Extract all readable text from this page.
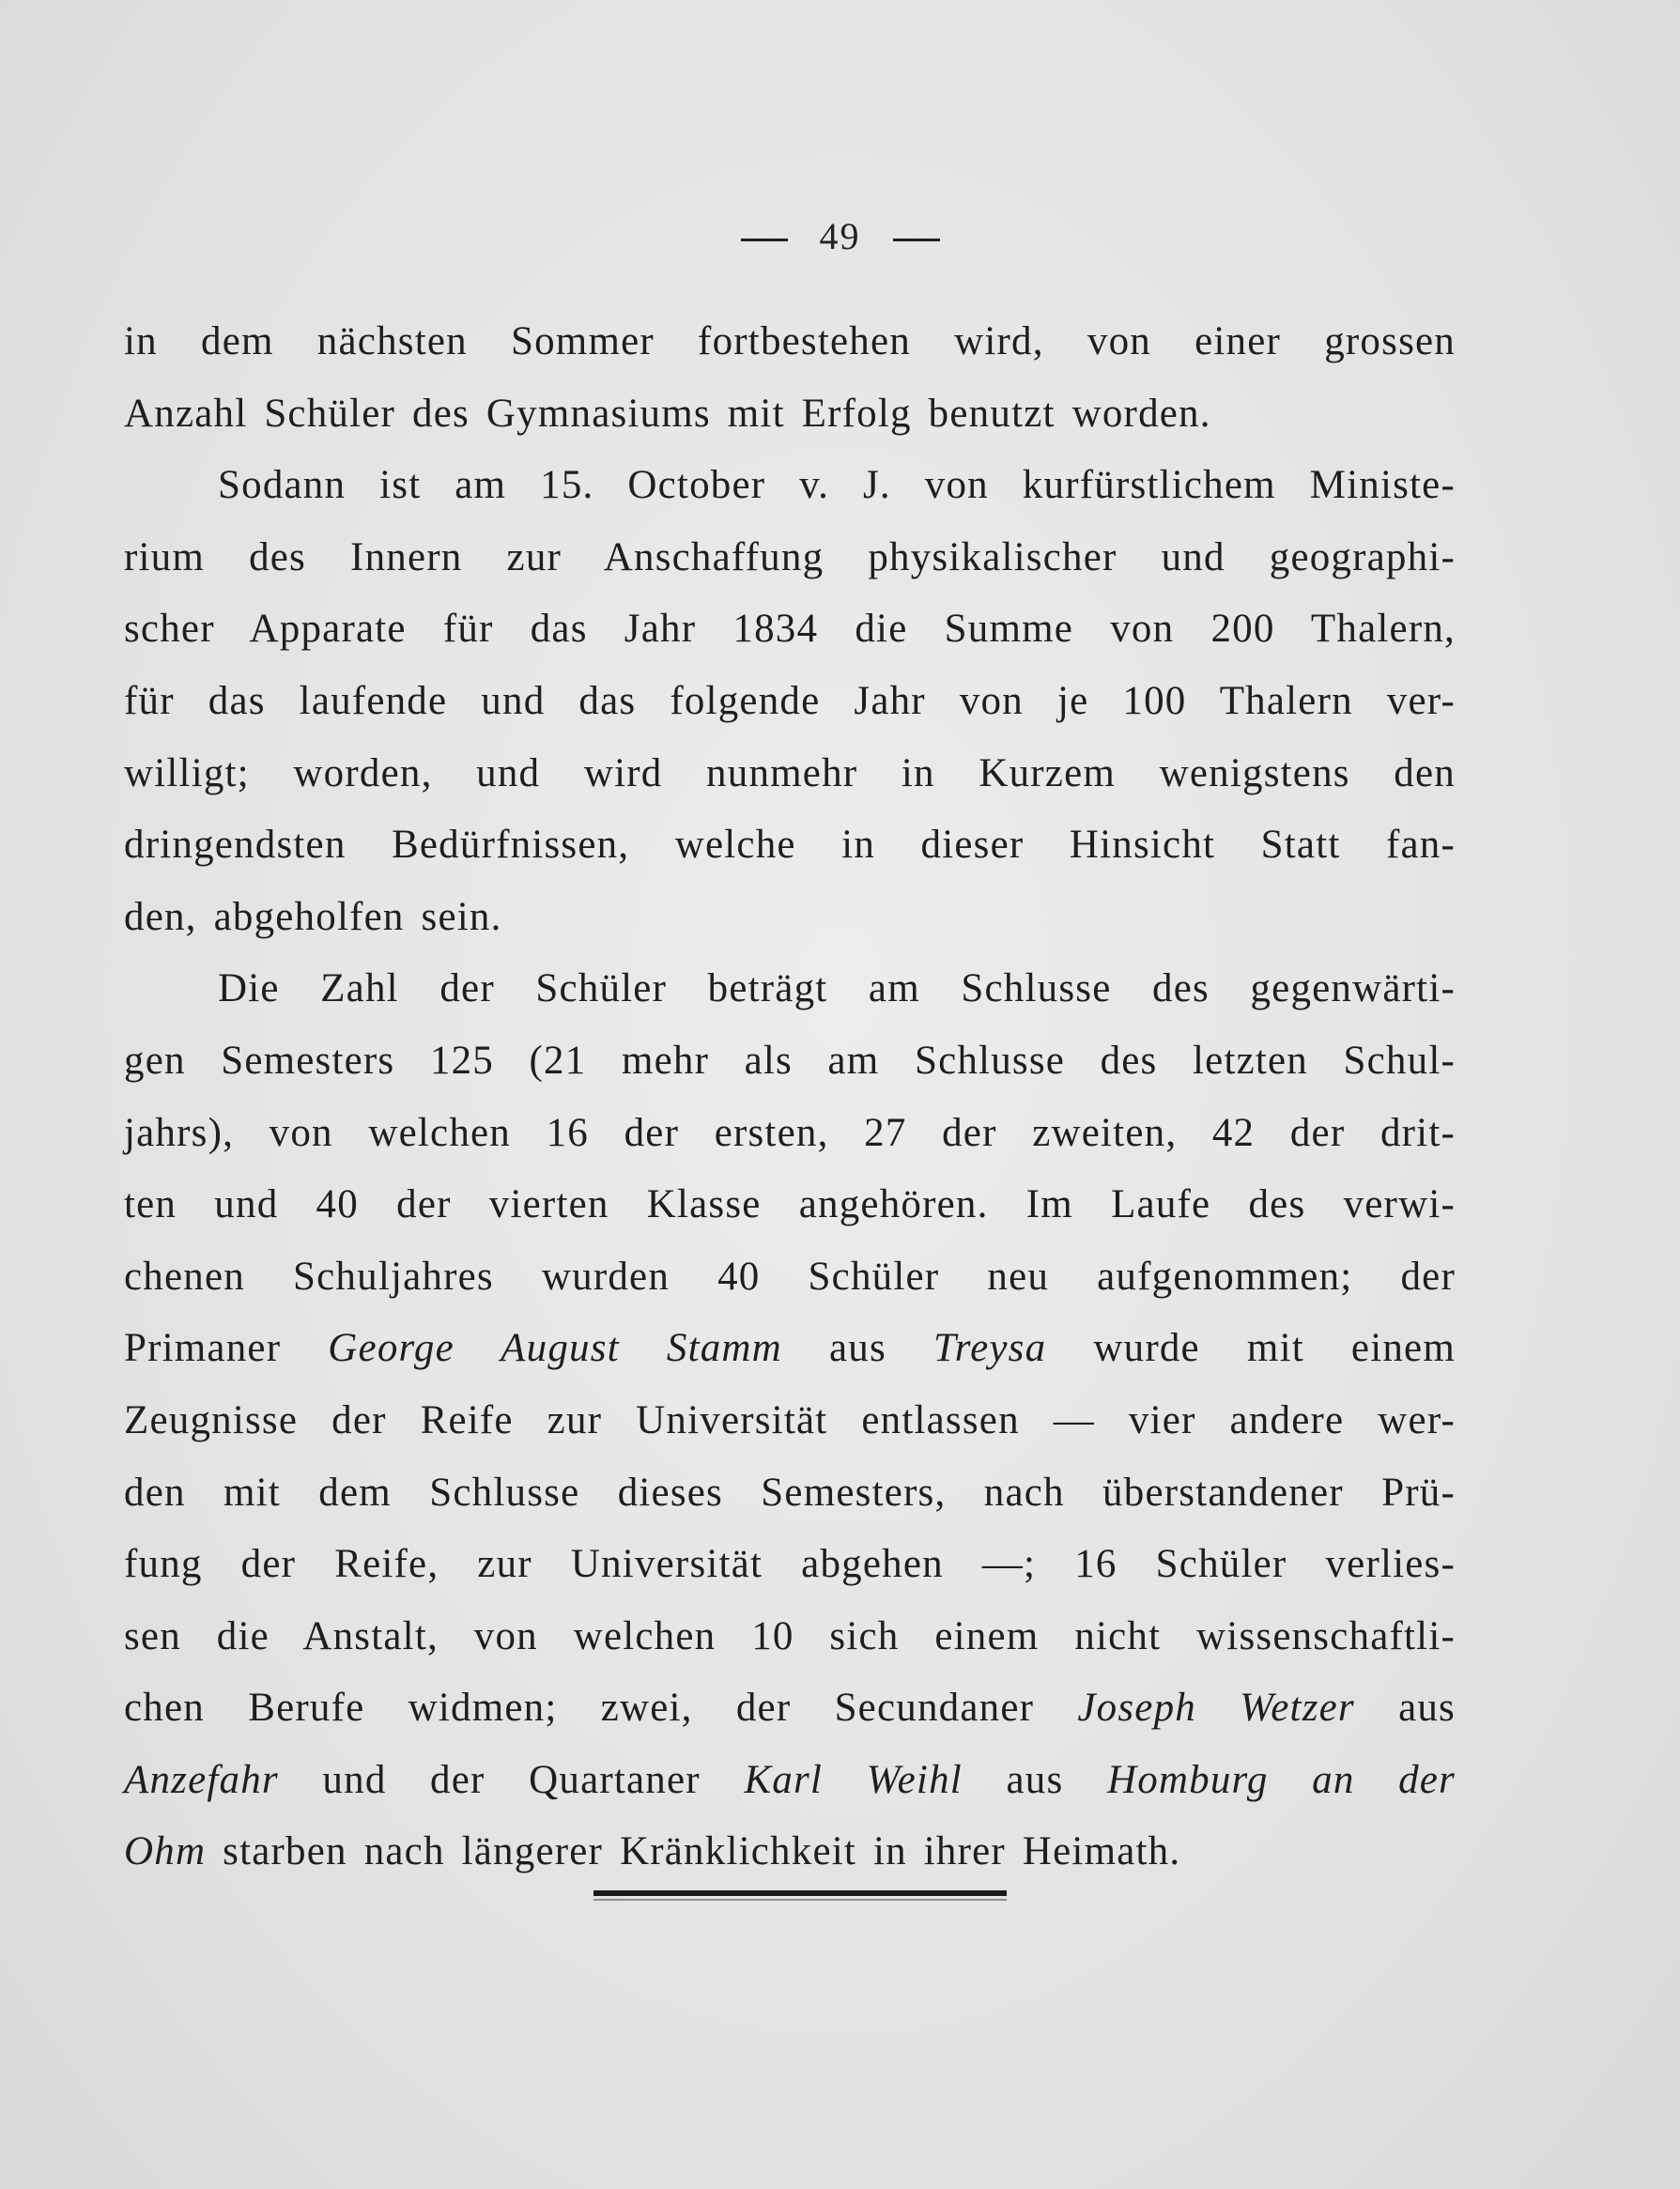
49
in dem nächsten Sommer fortbestehen wird, von einer grossen
Anzahl Schüler des Gymnasiums mit Erfolg benutzt worden.
Sodann ist am 15. October v. J. von kurfürstlichem Ministe-
rium des Innern zur Anschaffung physikalischer und geographi-
scher Apparate für das Jahr 1834 die Summe von 200 Thalern,
für das laufende und das folgende Jahr von je 100 Thalern ver-
willigt; worden, und wird nunmehr in Kurzem wenigstens den
dringendsten Bedürfnissen, welche in dieser Hinsicht Statt fan-
den, abgeholfen sein.
Die Zahl der Schüler beträgt am Schlusse des gegenwärti-
gen Semesters 125 (21 mehr als am Schlusse des letzten Schul-
jahrs), von welchen 16 der ersten, 27 der zweiten, 42 der drit-
ten und 40 der vierten Klasse angehören. Im Laufe des verwi-
chenen Schuljahres wurden 40 Schüler neu aufgenommen; der
Primaner George August Stamm aus Treysa wurde mit einem
Zeugnisse der Reife zur Universität entlassen — vier andere wer-
den mit dem Schlusse dieses Semesters, nach überstandener Prü-
fung der Reife, zur Universität abgehen —; 16 Schüler verlies-
sen die Anstalt, von welchen 10 sich einem nicht wissenschaftli-
chen Berufe widmen; zwei, der Secundaner Joseph Wetzer aus
Anzefahr und der Quartaner Karl Weihl aus Homburg an der
Ohm starben nach längerer Kränklichkeit in ihrer Heimath.
